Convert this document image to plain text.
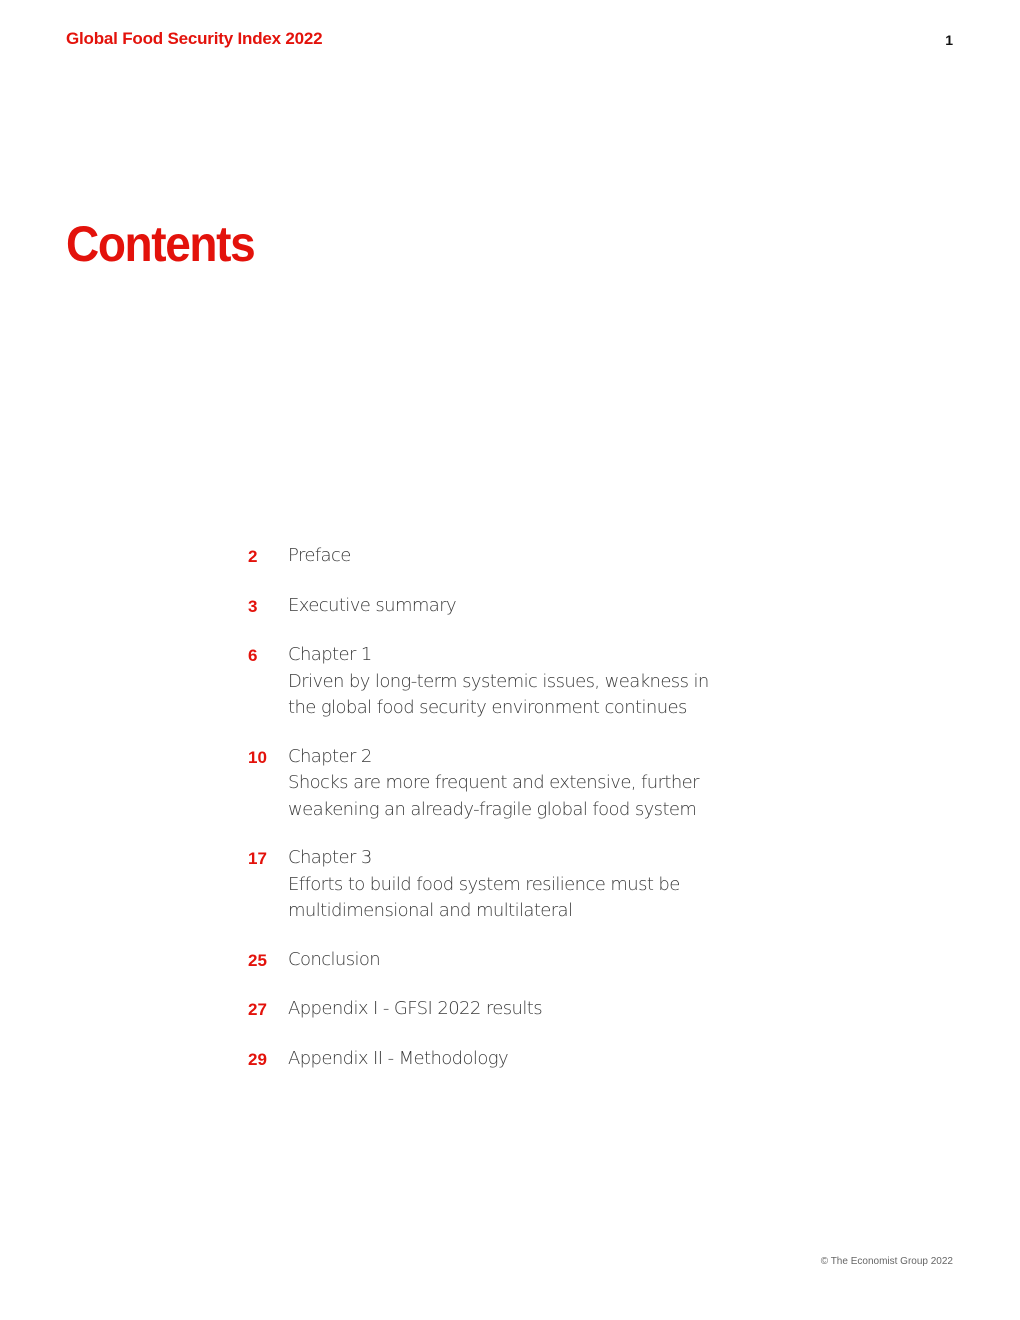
Global Food Security Index 2022	1
Contents
2	Preface
3	Executive summary
6	Chapter 1
Driven by long-term systemic issues, weakness in
the global food security environment continues
10	Chapter 2
Shocks are more frequent and extensive, further
weakening an already-fragile global food system
17	Chapter 3
Efforts to build food system resilience must be
multidimensional and multilateral
25	Conclusion
27	Appendix I - GFSI 2022 results
29	Appendix II - Methodology
© The Economist Group 2022
